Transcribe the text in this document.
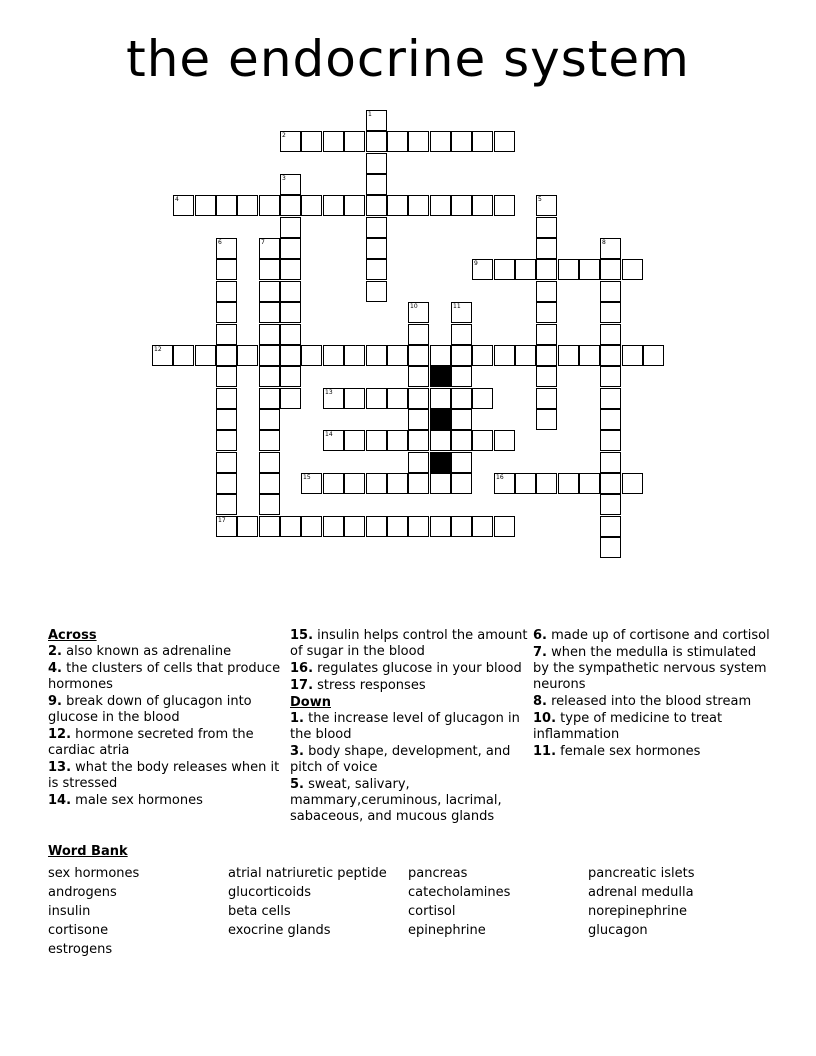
the endocrine system
1
2
3
4	5
6
17
7	8
9
10	11
12
13
14
15	16
Across
2. also known as adrenaline
4. the clusters of cells that produce hormones
9. break down of glucagon into glucose in the blood
12. hormone secreted from the cardiac atria
13. what the body releases when it is stressed
14. male sex hormones
15. insulin helps control the amount of sugar in the blood
16. regulates glucose in your blood
17. stress responses
Down
1. the increase level of glucagon in the blood
3. body shape, development, and pitch of voice
5. sweat, salivary, mammary,ceruminous, lacrimal, sabaceous, and mucous glands
6. made up of cortisone and cortisol
7. when the medulla is stimulated by the sympathetic nervous system neurons
8. released into the blood stream
10. type of medicine to treat inflammation
11. female sex hormones
Word Bank
sex hormones
androgens
insulin
cortisone
estrogens
atrial natriuretic peptide
glucorticoids
beta cells
exocrine glands
pancreas
catecholamines
cortisol
epinephrine
pancreatic islets
adrenal medulla
norepinephrine
glucagon
